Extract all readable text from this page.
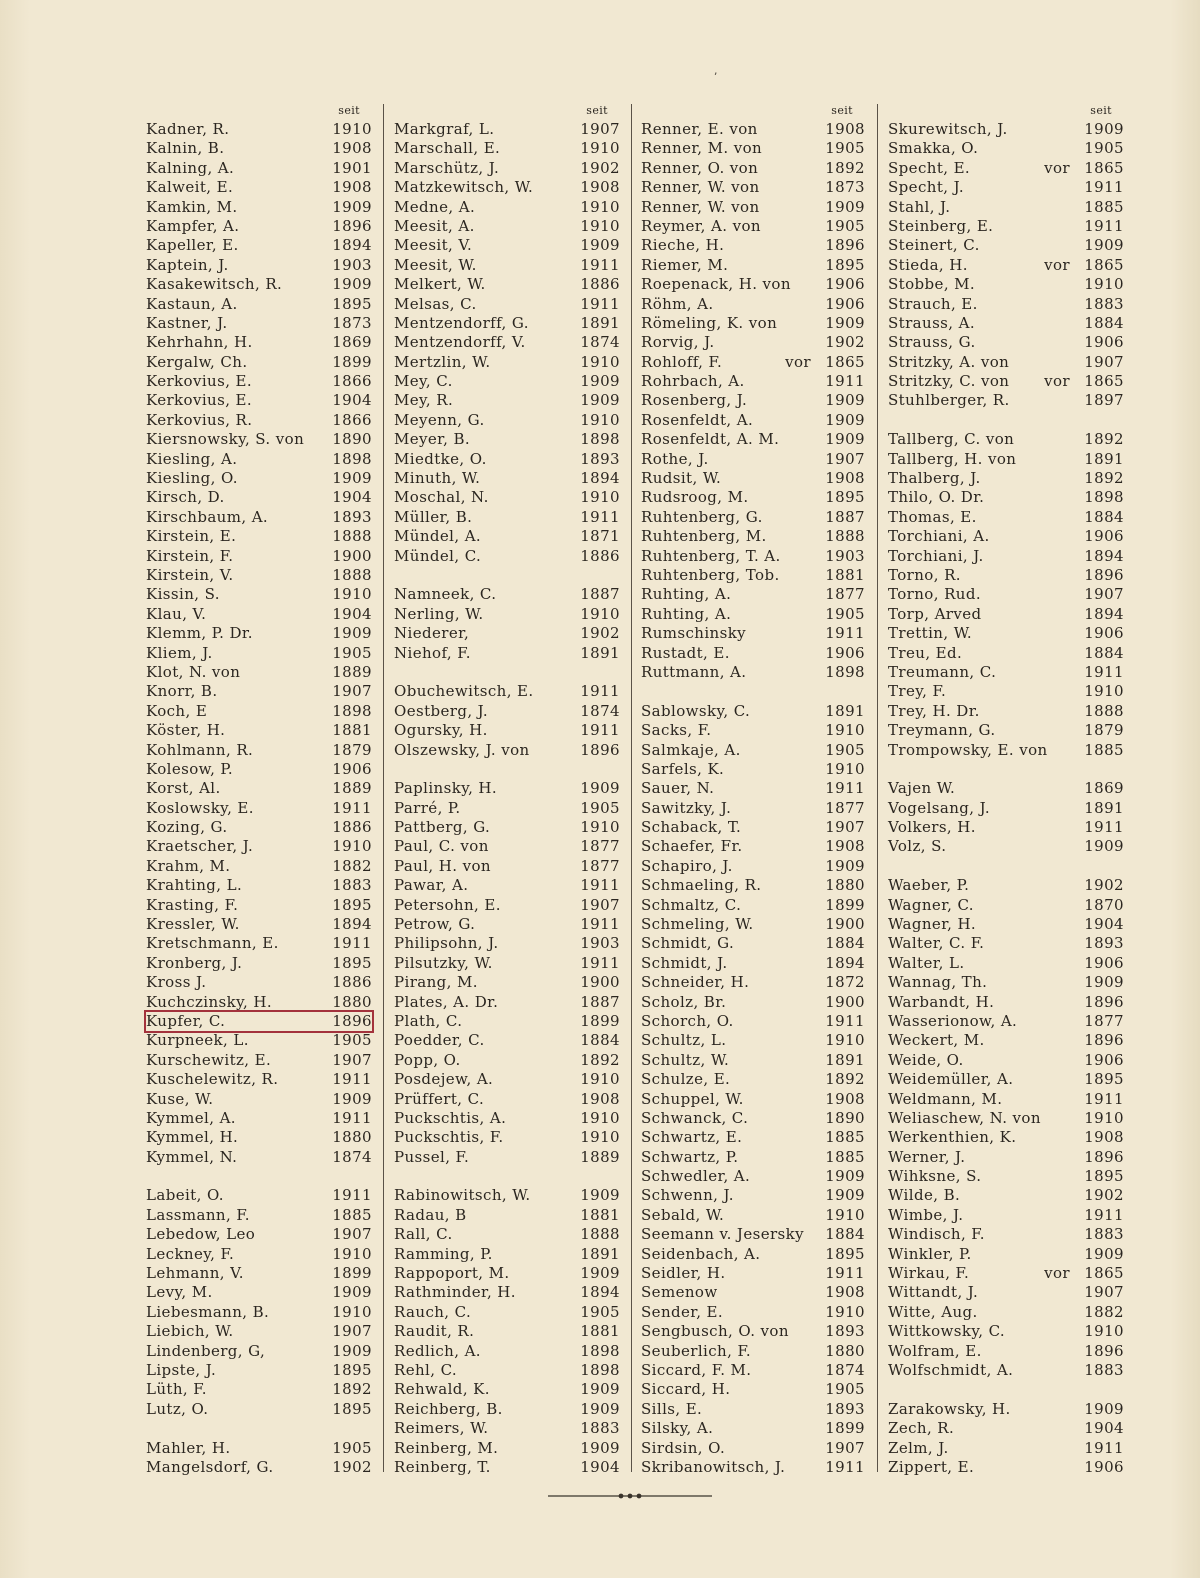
’
seit
Kadner, R.	1910
Kalnin, B.	1908
Kalning, A.	1901
Kalweit, E.	1908
Kamkin, M.	1909
Kampfer, A.	1896
Kapeller, E.	1894
Kaptein, J.	1903
Kasakewitsch, R.	1909
Kastaun, A.	1895
Kastner, J.	1873
Kehrhahn, H.	1869
Kergalw, Ch.	1899
Kerkovius, E.	1866
Kerkovius, E.	1904
Kerkovius, R.	1866
Kiersnowsky, S. von	1890
Kiesling, A.	1898
Kiesling, O.	1909
Kirsch, D.	1904
Kirschbaum, A.	1893
Kirstein, E.	1888
Kirstein, F.	1900
Kirstein, V.	1888
Kissin, S.	1910
Klau, V.	1904
Klemm, P. Dr.	1909
Kliem, J.	1905
Klot, N. von	1889
Knorr, B.	1907
Koch, E	1898
Köster, H.	1881
Kohlmann, R.	1879
Kolesow, P.	1906
Korst, Al.	1889
Koslowsky, E.	1911
Kozing, G.	1886
Kraetscher, J.	1910
Krahm, M.	1882
Krahting, L.	1883
Krasting, F.	1895
Kressler, W.	1894
Kretschmann, E.	1911
Kronberg, J.	1895
Kross J.	1886
Kuchczinsky, H.	1880
Kupfer, C.	1896
Kurpneek, L.	1905
Kurschewitz, E.	1907
Kuschelewitz, R.	1911
Kuse, W.	1909
Kymmel, A.	1911
Kymmel, H.	1880
Kymmel, N.	1874
Labeit, O.	1911
Lassmann, F.	1885
Lebedow, Leo	1907
Leckney, F.	1910
Lehmann, V.	1899
Levy, M.	1909
Liebesmann, B.	1910
Liebich, W.	1907
Lindenberg, G,	1909
Lipste, J.	1895
Lüth, F.	1892
Lutz, O.	1895
Mahler, H.	1905
Mangelsdorf, G.	1902
seit
Markgraf, L.	1907
Marschall, E.	1910
Marschütz, J.	1902
Matzkewitsch, W.	1908
Medne, A.	1910
Meesit, A.	1910
Meesit, V.	1909
Meesit, W.	1911
Melkert, W.	1886
Melsas, C.	1911
Mentzendorff, G.	1891
Mentzendorff, V.	1874
Mertzlin, W.	1910
Mey, C.	1909
Mey, R.	1909
Meyenn, G.	1910
Meyer, B.	1898
Miedtke, O.	1893
Minuth, W.	1894
Moschal, N.	1910
Müller, B.	1911
Mündel, A.	1871
Mündel, C.	1886
Namneek, C.	1887
Nerling, W.	1910
Niederer,	1902
Niehof, F.	1891
Obuchewitsch, E.	1911
Oestberg, J.	1874
Ogursky, H.	1911
Olszewsky, J. von	1896
Paplinsky, H.	1909
Parré, P.	1905
Pattberg, G.	1910
Paul, C. von	1877
Paul, H. von	1877
Pawar, A.	1911
Petersohn, E.	1907
Petrow, G.	1911
Philipsohn, J.	1903
Pilsutzky, W.	1911
Pirang, M.	1900
Plates, A. Dr.	1887
Plath, C.	1899
Poedder, C.	1884
Popp, O.	1892
Posdejew, A.	1910
Prüffert, C.	1908
Puckschtis, A.	1910
Puckschtis, F.	1910
Pussel, F.	1889
Rabinowitsch, W.	1909
Radau, B	1881
Rall, C.	1888
Ramming, P.	1891
Rappoport, M.	1909
Rathminder, H.	1894
Rauch, C.	1905
Raudit, R.	1881
Redlich, A.	1898
Rehl, C.	1898
Rehwald, K.	1909
Reichberg, B.	1909
Reimers, W.	1883
Reinberg, M.	1909
Reinberg, T.	1904
seit
Renner, E. von	1908
Renner, M. von	1905
Renner, O. von	1892
Renner, W. von	1873
Renner, W. von	1909
Reymer, A. von	1905
Rieche, H.	1896
Riemer, M.	1895
Roepenack, H. von	1906
Röhm, A.	1906
Römeling, K. von	1909
Rorvig, J.	1902
Rohloff, F.	vor 1865
Rohrbach, A.	1911
Rosenberg, J.	1909
Rosenfeldt, A.	1909
Rosenfeldt, A. M.	1909
Rothe, J.	1907
Rudsit, W.	1908
Rudsroog, M.	1895
Ruhtenberg, G.	1887
Ruhtenberg, M.	1888
Ruhtenberg, T. A.	1903
Ruhtenberg, Tob.	1881
Ruhting, A.	1877
Ruhting, A.	1905
Rumschinsky	1911
Rustadt, E.	1906
Ruttmann, A.	1898
Sablowsky, C.	1891
Sacks, F.	1910
Salmkaje, A.	1905
Sarfels, K.	1910
Sauer, N.	1911
Sawitzky, J.	1877
Schaback, T.	1907
Schaefer, Fr.	1908
Schapiro, J.	1909
Schmaeling, R.	1880
Schmaltz, C.	1899
Schmeling, W.	1900
Schmidt, G.	1884
Schmidt, J.	1894
Schneider, H.	1872
Scholz, Br.	1900
Schorch, O.	1911
Schultz, L.	1910
Schultz, W.	1891
Schulze, E.	1892
Schuppel, W.	1908
Schwanck, C.	1890
Schwartz, E.	1885
Schwartz, P.	1885
Schwedler, A.	1909
Schwenn, J.	1909
Sebald, W.	1910
Seemann v. Jesersky	1884
Seidenbach, A.	1895
Seidler, H.	1911
Semenow	1908
Sender, E.	1910
Sengbusch, O. von	1893
Seuberlich, F.	1880
Siccard, F. M.	1874
Siccard, H.	1905
Sills, E.	1893
Silsky, A.	1899
Sirdsin, O.	1907
Skribanowitsch, J.	1911
seit
Skurewitsch, J.	1909
Smakka, O.	1905
Specht, E.	vor 1865
Specht, J.	1911
Stahl, J.	1885
Steinberg, E.	1911
Steinert, C.	1909
Stieda, H.	vor 1865
Stobbe, M.	1910
Strauch, E.	1883
Strauss, A.	1884
Strauss, G.	1906
Stritzky, A. von	1907
Stritzky, C. von vor 1865
Stuhlberger, R.	1897
Tallberg, C. von	1892
Tallberg, H. von	1891
Thalberg, J.	1892
Thilo, O. Dr.	1898
Thomas, E.	1884
Torchiani, A.	1906
Torchiani, J.	1894
Torno, R.	1896
Torno, Rud.	1907
Torp, Arved	1894
Trettin, W.	1906
Treu, Ed.	1884
Treumann, C.	1911
Trey, F.	1910
Trey, H. Dr.	1888
Treymann, G.	1879
Trompowsky, E. von	1885
Vajen W.	1869
Vogelsang, J.	1891
Volkers, H.	1911
Volz, S.	1909
Waeber, P.	1902
Wagner, C.	1870
Wagner, H.	1904
Walter, C. F.	1893
Walter, L.	1906
Wannag, Th.	1909
Warbandt, H.	1896
Wasserionow, A.	1877
Weckert, M.	1896
Weide, O.	1906
Weidemüller, A.	1895
Weldmann, M.	1911
Weliaschew, N. von	1910
Werkenthien, K.	1908
Werner, J.	1896
Wihksne, S.	1895
Wilde, B.	1902
Wimbe, J.	1911
Windisch, F.	1883
Winkler, P.	1909
Wirkau, F.	vor 1865
Wittandt, J.	1907
Witte, Aug.	1882
Wittkowsky, C.	1910
Wolfram, E.	1896
Wolfschmidt, A.	1883
Zarakowsky, H.	1909
Zech, R.	1904
Zelm, J.	1911
Zippert, E.	1906
